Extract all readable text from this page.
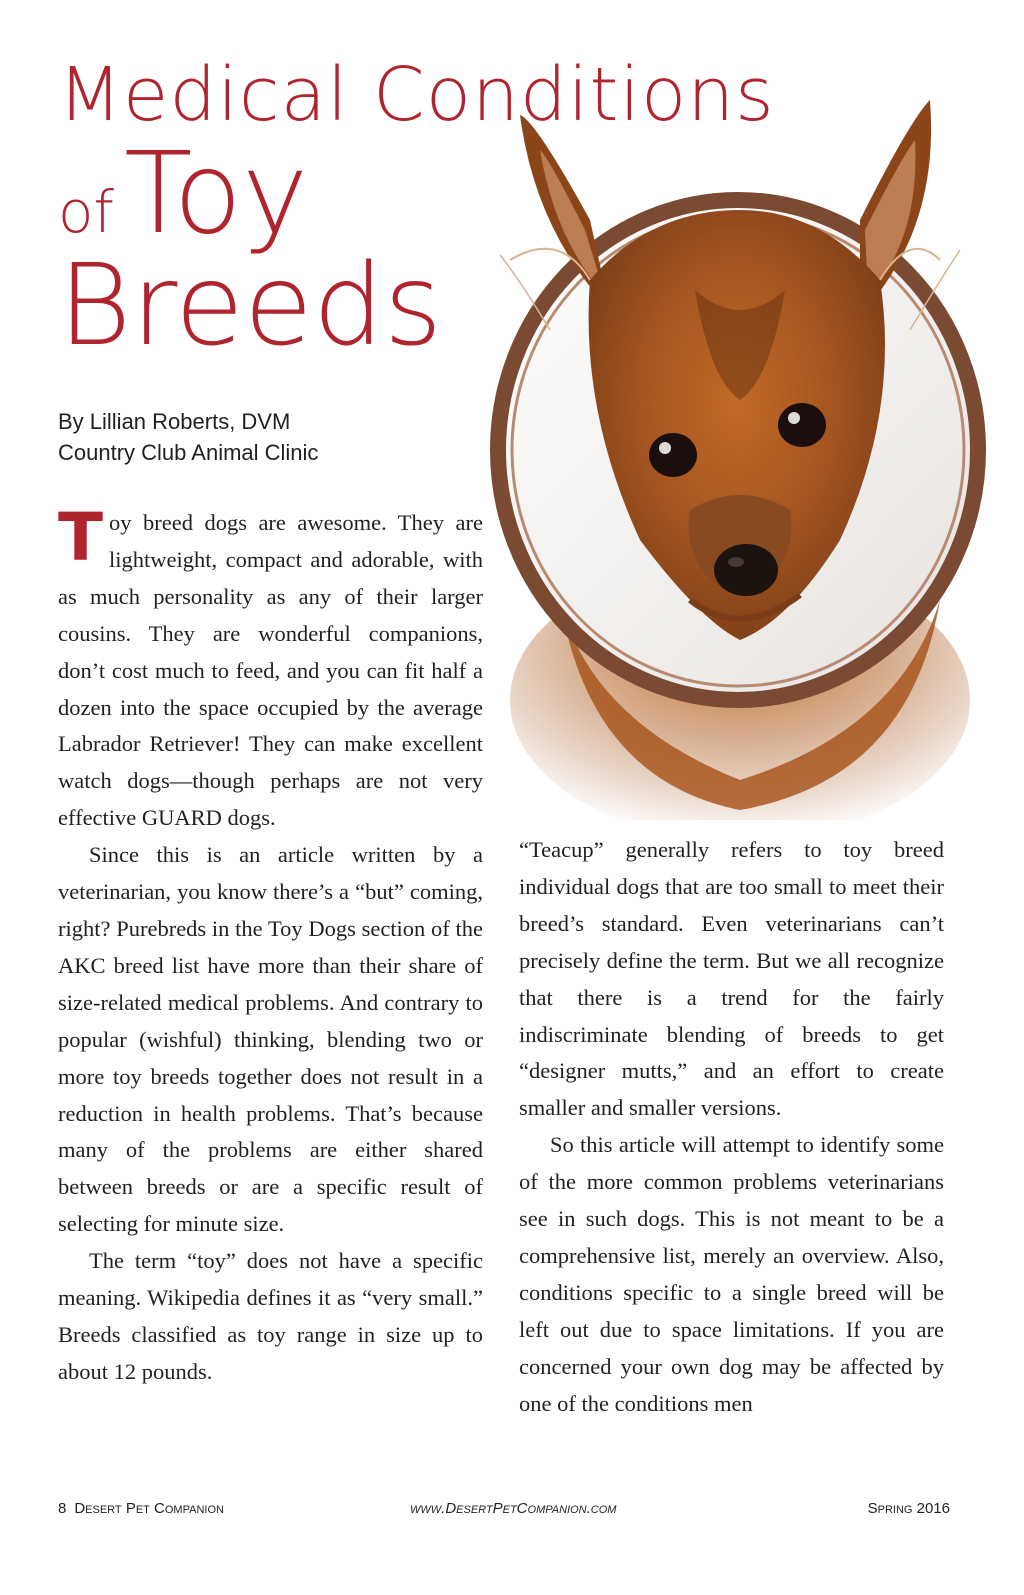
Medical Conditions
of Toy
Breeds
By Lillian Roberts, DVM
Country Club Animal Clinic

Toy breed dogs are awesome. They are lightweight, compact and adorable, with as much personality as any of their larger cousins. They are wonderful companions, don’t cost much to feed, and you can fit half a dozen into the space occupied by the average Labrador Retriever! They can make excellent watch dogs—though perhaps are not very effective GUARD dogs.

Since this is an article written by a veterinarian, you know there’s a “but” coming, right? Purebreds in the Toy Dogs section of the AKC breed list have more than their share of size-related medical problems. And contrary to popular (wishful) thinking, blending two or more toy breeds together does not result in a reduction in health problems. That’s because many of the problems are either shared between breeds or are a specific result of selecting for minute size.

The term “toy” does not have a specific meaning. Wikipedia defines it as “very small.” Breeds classified as toy range in size up to about 12 pounds.

“Teacup” generally refers to toy breed individual dogs that are too small to meet their breed’s standard. Even veterinarians can’t precisely define the term. But we all recognize that there is a trend for the fairly indiscriminate blending of breeds to get “designer mutts,” and an effort to create smaller and smaller versions.

So this article will attempt to identify some of the more common problems veterinarians see in such dogs. This is not meant to be a comprehensive list, merely an overview. Also, conditions specific to a single breed will be left out due to space limitations. If you are concerned your own dog may be affected by one of the conditions men

8 Desert Pet Companion	www.DesertPetCompanion.com	Spring 2016
